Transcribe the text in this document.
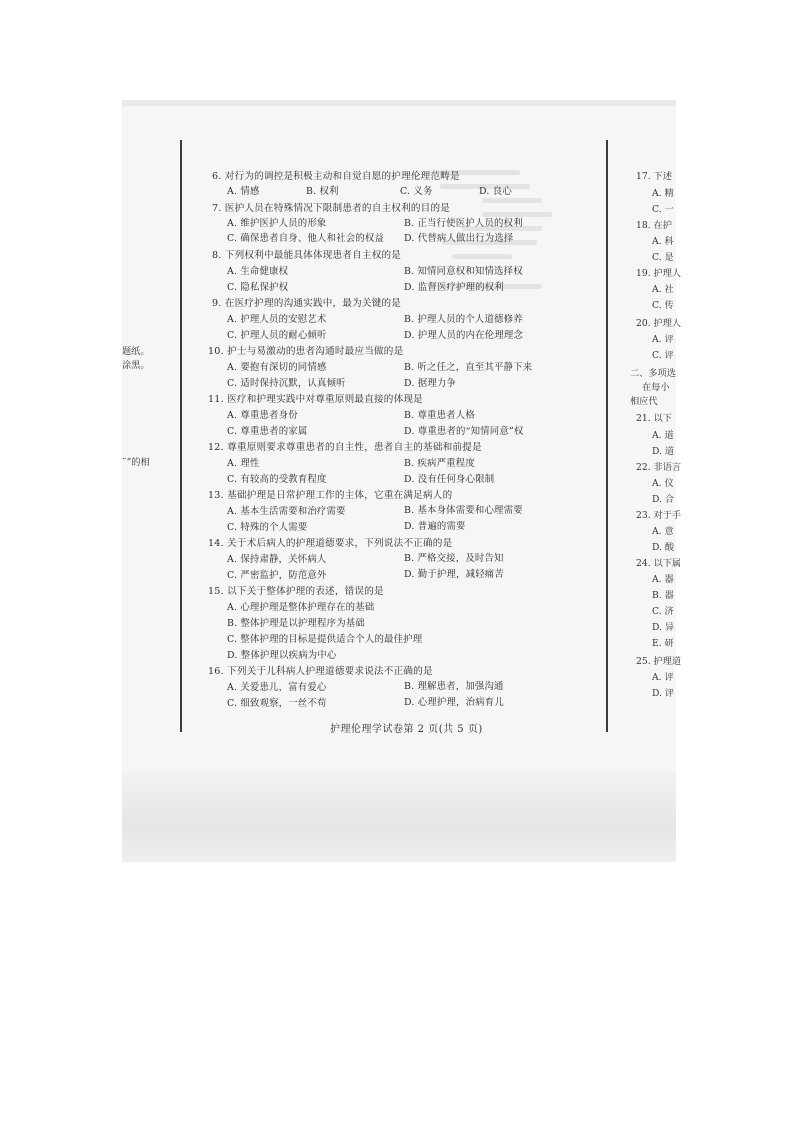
6. 对行为的调控是积极主动和自觉自愿的护理伦理范畴是
A. 情感	B. 权利	C. 义务	D. 良心
7. 医护人员在特殊情况下限制患者的自主权利的目的是
A. 维护医护人员的形象	B. 正当行使医护人员的权利
C. 确保患者自身、他人和社会的权益 D. 代替病人做出行为选择
8. 下列权利中最能具体体现患者自主权的是
A. 生命健康权	B. 知情同意权和知情选择权
C. 隐私保护权	D. 监督医疗护理的权利
9. 在医疗护理的沟通实践中，最为关键的是
A. 护理人员的安慰艺术	B. 护理人员的个人道德修养
C. 护理人员的耐心倾听	D. 护理人员的内在伦理理念
10. 护士与易激动的患者沟通时最应当做的是
A. 要抱有深切的同情感	B. 听之任之，直至其平静下来
C. 适时保持沉默，认真倾听	D. 据理力争
11. 医疗和护理实践中对尊重原则最直接的体现是
A. 尊重患者身份	B. 尊重患者人格
C. 尊重患者的家属	D. 尊重患者的“知情同意”权
12. 尊重原则要求尊重患者的自主性，患者自主的基础和前提是
A. 理性	B. 疾病严重程度
C. 有较高的受教育程度	D. 没有任何身心限制
13. 基础护理是日常护理工作的主体，它重在满足病人的
A. 基本生活需要和治疗需要	B. 基本身体需要和心理需要
C. 特殊的个人需要	D. 普遍的需要
14. 关于术后病人的护理道德要求，下列说法不正确的是
A. 保持肃静，关怀病人	B. 严格交接，及时告知
C. 严密监护，防范意外	D. 勤于护理，减轻痛苦
15. 以下关于整体护理的表述，错误的是
A. 心理护理是整体护理存在的基础
B. 整体护理是以护理程序为基础
C. 整体护理的目标是提供适合个人的最佳护理
D. 整体护理以疾病为中心
16. 下列关于儿科病人护理道德要求说法不正确的是
A. 关爱患儿，富有爱心	B. 理解患者，加强沟通
C. 细致观察，一丝不苟	D. 心理护理，治病育儿
护理伦理学试卷第 2 页(共 5 页)
17. 下述
A. 精
C. 一
18. 在护
A. 科
C. 是
19. 护理人
A. 社
C. 传
20. 护理人
A. 评
C. 评
二、多项选
在每小
相应代
21. 以下
A. 道
D. 道
22. 非语言
A. 仪
D. 合
23. 对于手
A. 意
D. 酸
24. 以下属
A. 器
B. 器
C. 济
D. 异
E. 研
25. 护理道
A. 评
D. 评
题纸。
涂黑。
¨”的相
